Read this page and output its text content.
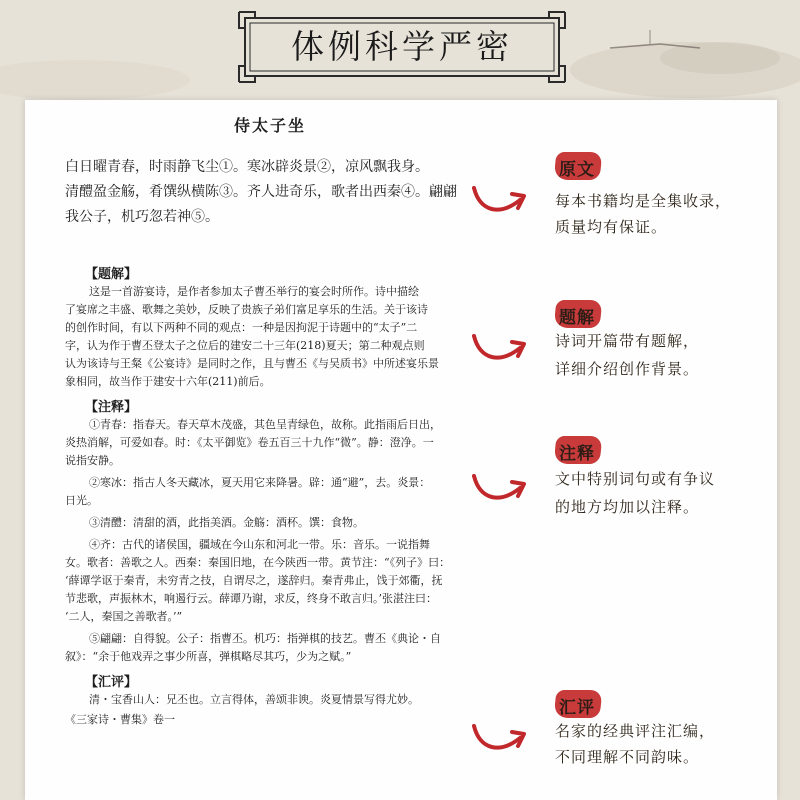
体例科学严密
侍太子坐
白日曜青春，时雨静飞尘①。寒冰辟炎景②，凉风飘我身。
清醴盈金觞，肴馔纵横陈③。齐人进奇乐，歌者出西秦④。翩翩
我公子，机巧忽若神⑤。
【题解】
这是一首游宴诗，是作者参加太子曹丕举行的宴会时所作。诗中描绘
了宴席之丰盛、歌舞之美妙，反映了贵族子弟们富足享乐的生活。关于该诗
的创作时间，有以下两种不同的观点：一种是因拘泥于诗题中的“太子”二
字，认为作于曹丕登太子之位后的建安二十三年(218)夏天；第二种观点则
认为该诗与王粲《公宴诗》是同时之作，且与曹丕《与吴质书》中所述宴乐景
象相同，故当作于建安十六年(211)前后。
【注释】
①青春：指春天。春天草木茂盛，其色呈青绿色，故称。此指雨后日出，
炎热消解，可爱如春。时：《太平御览》卷五百三十九作“微”。静：澄净。一
说指安静。
②寒冰：指古人冬天藏冰，夏天用它来降暑。辟：通“避”，去。炎景：
日光。
③清醴：清甜的酒，此指美酒。金觞：酒杯。馔：食物。
④齐：古代的诸侯国，疆域在今山东和河北一带。乐：音乐。一说指舞
女。歌者：善歌之人。西秦：秦国旧地，在今陕西一带。黄节注：“《列子》曰：
‘薛谭学讴于秦青，未穷青之技，自谓尽之，遂辞归。秦青弗止，饯于郊衢，抚
节悲歌，声振林木，响遏行云。薛谭乃谢，求反，终身不敢言归。’张湛注曰：
‘二人，秦国之善歌者。’”
⑤翩翩：自得貌。公子：指曹丕。机巧：指弹棋的技艺。曹丕《典论・自
叙》：“余于他戏弄之事少所喜，弹棋略尽其巧，少为之赋。”
【汇评】
清・宝香山人：兄丕也。立言得体，善颂非谀。炎夏情景写得尤妙。
《三家诗・曹集》卷一
原文
每本书籍均是全集收录，
质量均有保证。
题解
诗词开篇带有题解，
详细介绍创作背景。
注释
文中特别词句或有争议
的地方均加以注释。
汇评
名家的经典评注汇编，
不同理解不同韵味。
